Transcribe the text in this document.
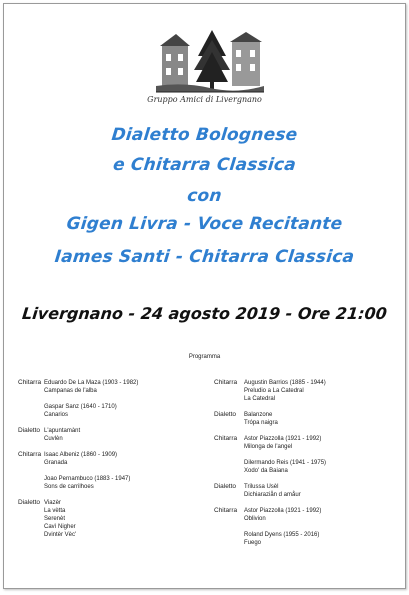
Gruppo Amici di Livergnano
Dialetto Bolognese
e Chitarra Classica
con
Gigen Livra - Voce Recitante
Iames Santi - Chitarra Classica
Livergnano - 24 agosto 2019 - Ore 21:00
Programma
Chitarra Eduardo De La Maza (1903 - 1982)
Campanas de l'alba

Gaspar Sanz (1640 - 1710)
Canarios
Dialetto L'apuntamànt
Cuvlèn
Chitarra Isaac Albeniz (1860 - 1909)
Granada

Joao Pernambuco (1883 - 1947)
Sons de carrilhoes
Dialetto Viazèr
La vètta
Serenèt
Cavì Nigher
Dvintèr Vèc'
Chitarra Augustin Barrios (1885 - 1944)
Preludio a La Catedral
La Catedral
Dialetto Balanzone
Trópa naigra
Chitarra Astor Piazzolla (1921 - 1992)
Milonga de l'angel

Dilermando Reis (1941 - 1975)
Xodo' da Baiana
Dialetto Trilussa Usèl
Dichiaraziån d amåur
Chitarra Astor Piazzolla (1921 - 1992)
Oblivion

Roland Dyens (1955 - 2016)
Fuego
